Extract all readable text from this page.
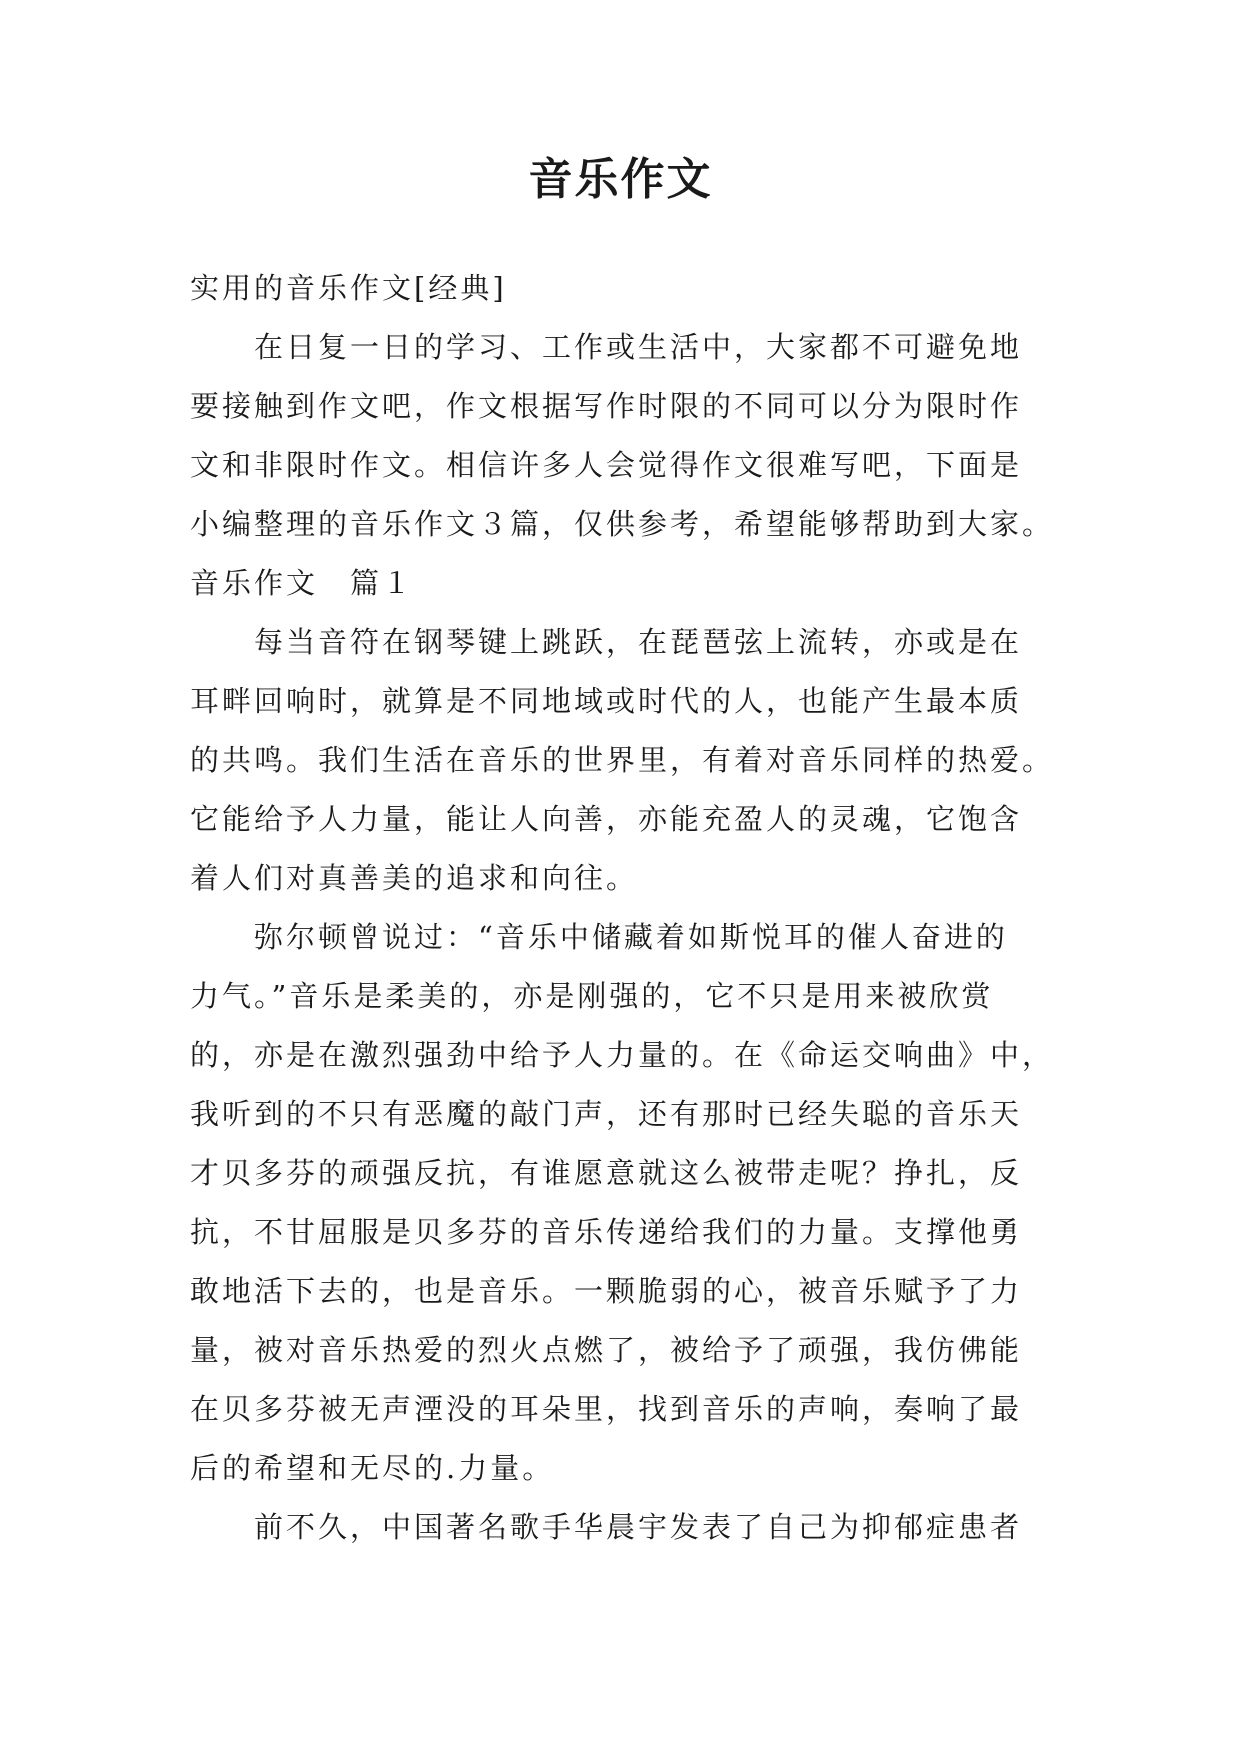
音乐作文

实用的音乐作文[经典]

在日复一日的学习、工作或生活中，大家都不可避免地

要接触到作文吧，作文根据写作时限的不同可以分为限时作

文和非限时作文。相信许多人会觉得作文很难写吧，下面是

小编整理的音乐作文３篇，仅供参考，希望能够帮助到大家。

音乐作文　篇１

每当音符在钢琴键上跳跃，在琵琶弦上流转，亦或是在

耳畔回响时，就算是不同地域或时代的人，也能产生最本质

的共鸣。我们生活在音乐的世界里，有着对音乐同样的热爱。

它能给予人力量，能让人向善，亦能充盈人的灵魂，它饱含

着人们对真善美的追求和向往。

弥尔顿曾说过：“音乐中储藏着如斯悦耳的催人奋进的

力气。”音乐是柔美的，亦是刚强的，它不只是用来被欣赏

的，亦是在激烈强劲中给予人力量的。在《命运交响曲》中，

我听到的不只有恶魔的敲门声，还有那时已经失聪的音乐天

才贝多芬的顽强反抗，有谁愿意就这么被带走呢？挣扎，反

抗，不甘屈服是贝多芬的音乐传递给我们的力量。支撑他勇

敢地活下去的，也是音乐。一颗脆弱的心，被音乐赋予了力

量，被对音乐热爱的烈火点燃了，被给予了顽强，我仿佛能

在贝多芬被无声湮没的耳朵里，找到音乐的声响，奏响了最

后的希望和无尽的.力量。

前不久，中国著名歌手华晨宇发表了自己为抑郁症患者
